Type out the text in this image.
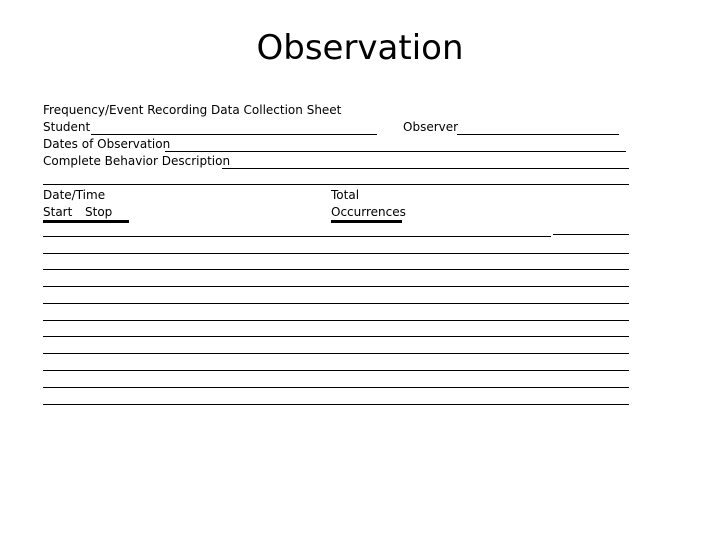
Observation
Frequency/Event Recording Data Collection Sheet
Student	Observer
Dates of Observation
Complete Behavior Description
Date/Time
Start Stop
Total
Occurrences
